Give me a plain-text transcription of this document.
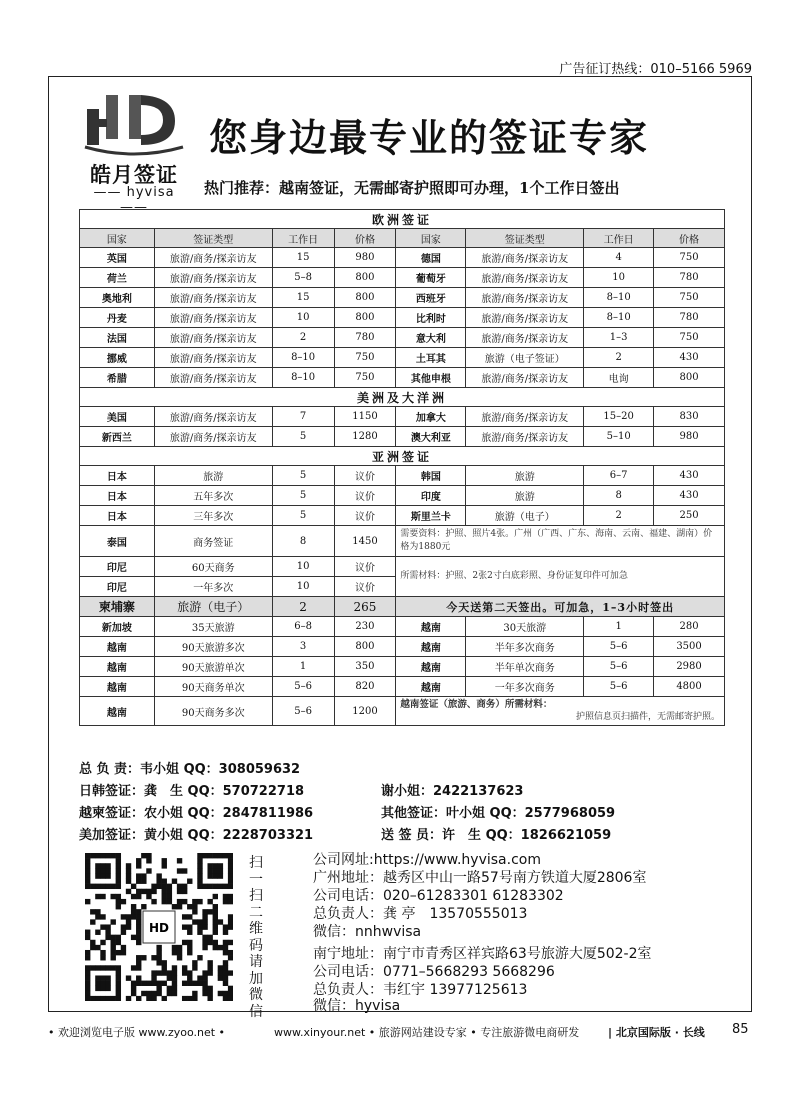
广告征订热线：010–5166 5969
皓月签证
—— hyvisa ——
您身边最专业的签证专家
热门推荐：越南签证，无需邮寄护照即可办理，1个工作日签出
欧洲签证							
国家	签证类型	工作日	价格	国家	签证类型	工作日	价格
英国	旅游/商务/探亲访友	15	980	德国	旅游/商务/探亲访友	4	750
荷兰	旅游/商务/探亲访友	5–8	800	葡萄牙	旅游/商务/探亲访友	10	780
奥地利	旅游/商务/探亲访友	15	800	西班牙	旅游/商务/探亲访友	8–10	750
丹麦	旅游/商务/探亲访友	10	800	比利时	旅游/商务/探亲访友	8–10	780
法国	旅游/商务/探亲访友	2	780	意大利	旅游/商务/探亲访友	1–3	750
挪威	旅游/商务/探亲访友	8–10	750	土耳其	旅游（电子签证）	2	430
希腊	旅游/商务/探亲访友	8–10	750	其他申根	旅游/商务/探亲访友	电询	800
美洲及大洋洲							
美国	旅游/商务/探亲访友	7	1150	加拿大	旅游/商务/探亲访友	15–20	830
新西兰	旅游/商务/探亲访友	5	1280	澳大利亚	旅游/商务/探亲访友	5–10	980
亚洲签证							
日本	旅游	5	议价	韩国	旅游	6–7	430
日本	五年多次	5	议价	印度	旅游	8	430
日本	三年多次	5	议价	斯里兰卡	旅游（电子）	2	250
泰国	商务签证	8	1450	需要资料：护照、照片4张。广州（广西、广东、海南、云南、福建、湖南）价格为1880元			
印尼	60天商务	10	议价	所需材料：护照、2张2寸白底彩照、身份证复印件可加急			
印尼	一年多次	10	议价				
柬埔寨	旅游（电子）	2	265	今天送第二天签出。可加急，1–3小时签出			
新加坡	35天旅游	6–8	230	越南	30天旅游	1	280
越南	90天旅游多次	3	800	越南	半年多次商务	5–6	3500
越南	90天旅游单次	1	350	越南	半年单次商务	5–6	2980
越南	90天商务单次	5–6	820	越南	一年多次商务	5–6	4800
越南	90天商务多次	5–6	1200	越南签证（旅游、商务）所需材料：
护照信息页扫描件，无需邮寄护照。			
总 负 责：韦小姐 QQ：308059632
日韩签证：龚　生 QQ：570722718	谢小姐：2422137623
越柬签证：农小姐 QQ：2847811986	其他签证：叶小姐 QQ：2577968059
美加签证：黄小姐 QQ：2228703321	送 签 员：许　生 QQ：1826621059
HD
扫一扫二维码请加微信
公司网址:https://www.hyvisa.com
广州地址：越秀区中山一路57号南方铁道大厦2806室
公司电话：020–61283301 61283302
总负责人：龚 亭　13570555013
微信：nnhwvisa
南宁地址：南宁市青秀区祥宾路63号旅游大厦502-2室
公司电话：0771–5668293 5668296
总负责人：韦红宇 13977125613
微信：hyvisa
• 欢迎浏览电子版 www.zyoo.net •	www.xinyour.net • 旅游网站建设专家 • 专注旅游微电商研发	| 北京国际版 · 长线 85
